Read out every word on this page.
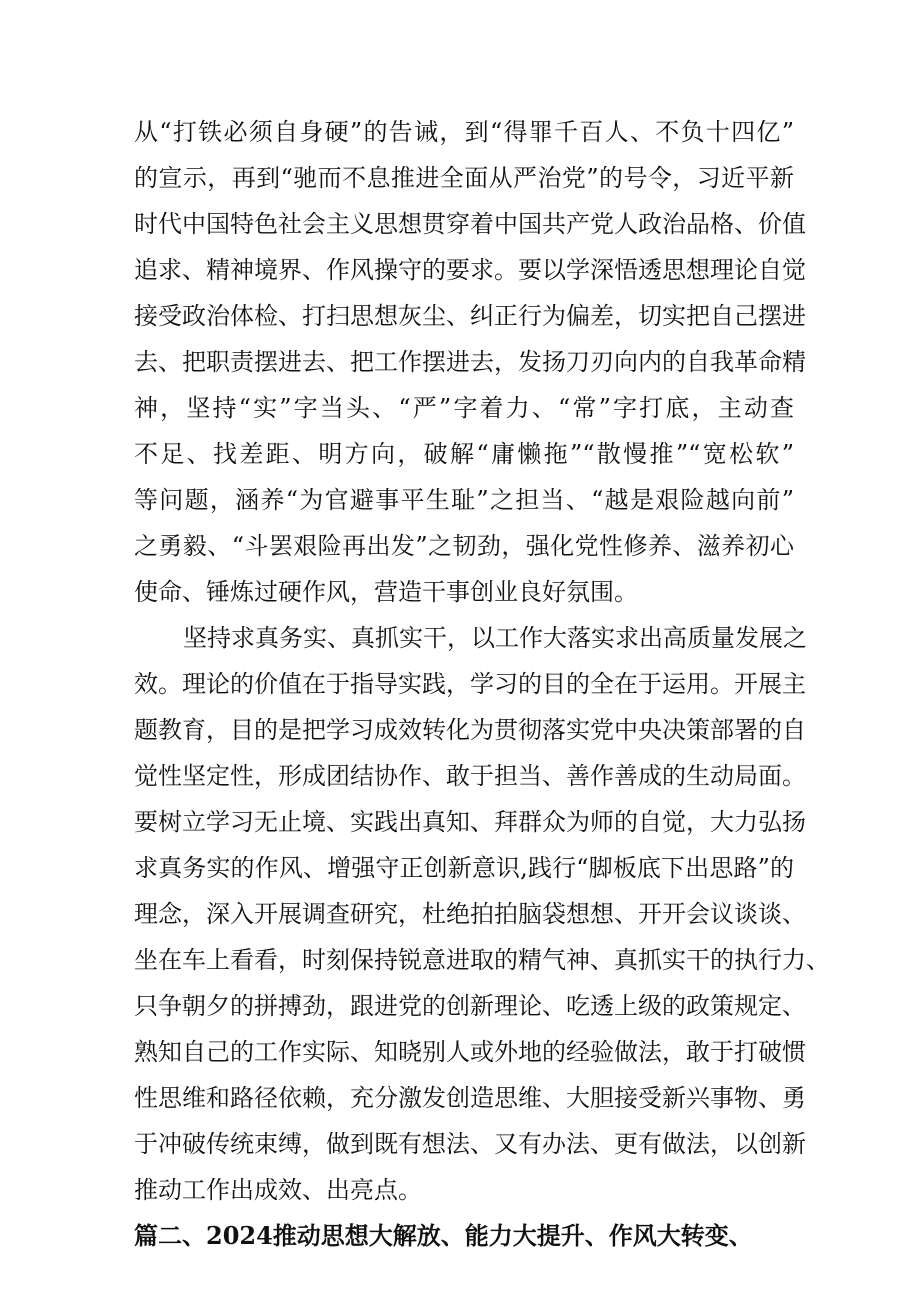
从“打铁必须自身硬”的告诫，到“得罪千百人、不负十四亿”
的宣示，再到“驰而不息推进全面从严治党”的号令，习近平新
时代中国特色社会主义思想贯穿着中国共产党人政治品格、价值
追求、精神境界、作风操守的要求。要以学深悟透思想理论自觉
接受政治体检、打扫思想灰尘、纠正行为偏差，切实把自己摆进
去、把职责摆进去、把工作摆进去，发扬刀刃向内的自我革命精
神，坚持“实”字当头、“严”字着力、“常”字打底，主动查
不足、找差距、明方向，破解“庸懒拖”“散慢推”“宽松软”
等问题，涵养“为官避事平生耻”之担当、“越是艰险越向前”
之勇毅、“斗罢艰险再出发”之韧劲，强化党性修养、滋养初心
使命、锤炼过硬作风，营造干事创业良好氛围。
坚持求真务实、真抓实干，以工作大落实求出高质量发展之
效。理论的价值在于指导实践，学习的目的全在于运用。开展主
题教育，目的是把学习成效转化为贯彻落实党中央决策部署的自
觉性坚定性，形成团结协作、敢于担当、善作善成的生动局面。
要树立学习无止境、实践出真知、拜群众为师的自觉，大力弘扬
求真务实的作风、增强守正创新意识,践行“脚板底下出思路”的
理念，深入开展调查研究，杜绝拍拍脑袋想想、开开会议谈谈、
坐在车上看看，时刻保持锐意进取的精气神、真抓实干的执行力、
只争朝夕的拼搏劲，跟进党的创新理论、吃透上级的政策规定、
熟知自己的工作实际、知晓别人或外地的经验做法，敢于打破惯
性思维和路径依赖，充分激发创造思维、大胆接受新兴事物、勇
于冲破传统束缚，做到既有想法、又有办法、更有做法，以创新
推动工作出成效、出亮点。
篇二、2024推动思想大解放、能力大提升、作风大转变、
